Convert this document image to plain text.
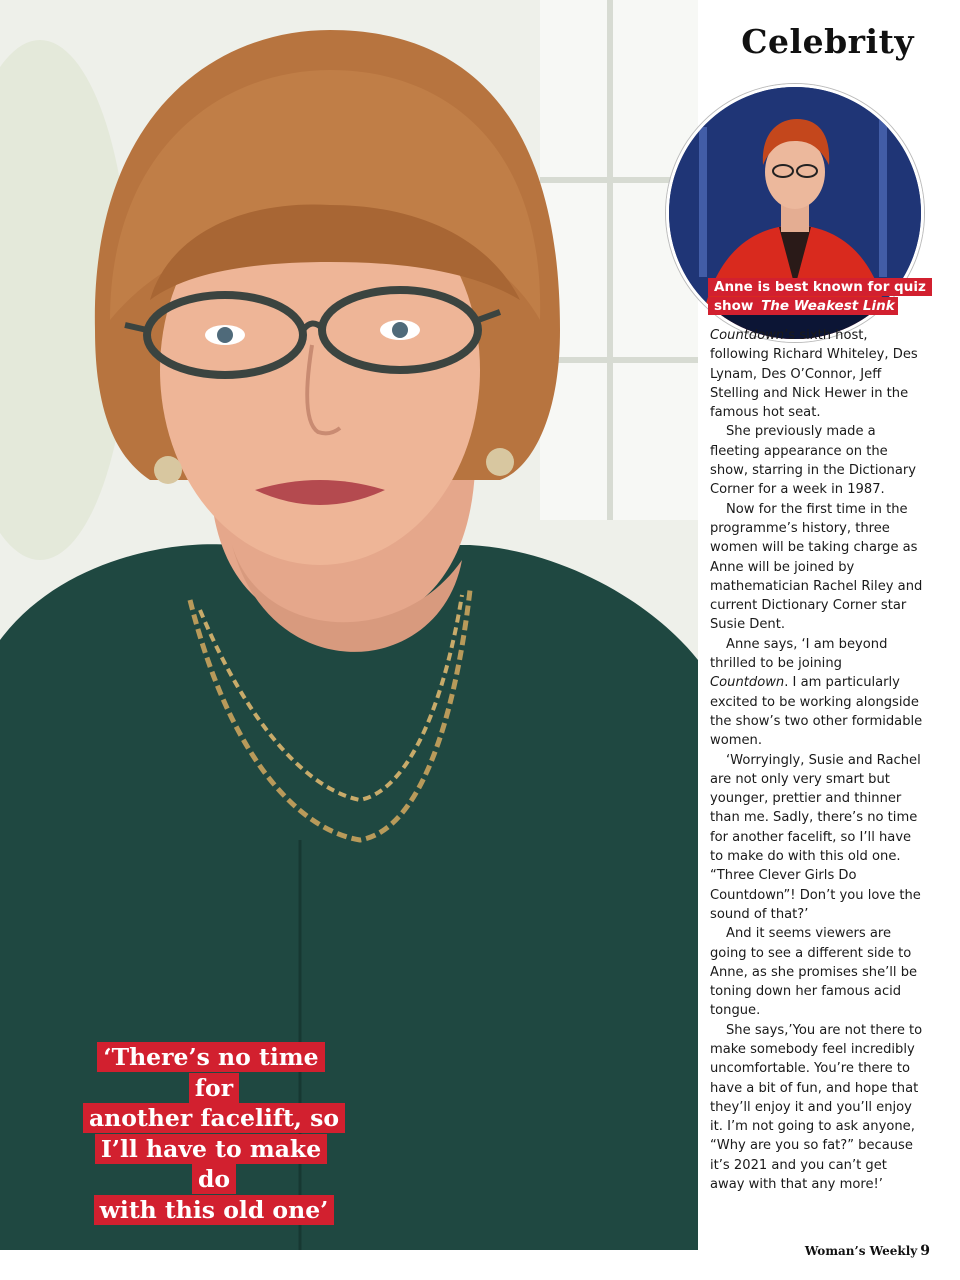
‘There’s no time for
another facelift, so
I’ll have to make do
with this old one’
Celebrity
Anne is best known for quiz show The Weakest Link

Countdown’s sixth host, following Richard Whiteley, Des Lynam, Des O’Connor, Jeff Stelling and Nick Hewer in the famous hot seat.

She previously made a fleeting appearance on the show, starring in the Dictionary Corner for a week in 1987.

Now for the first time in the programme’s history, three women will be taking charge as Anne will be joined by mathematician Rachel Riley and current Dictionary Corner star Susie Dent.

Anne says, ‘I am beyond thrilled to be joining Countdown. I am particularly excited to be working alongside the show’s two other formidable women.

‘Worryingly, Susie and Rachel are not only very smart but younger, prettier and thinner than me. Sadly, there’s no time for another facelift, so I’ll have to make do with this old one. “Three Clever Girls Do Countdown”! Don’t you love the sound of that?’

And it seems viewers are going to see a different side to Anne, as she promises she’ll be toning down her famous acid tongue.

She says,’You are not there to make somebody feel incredibly uncomfortable. You’re there to have a bit of fun, and hope that they’ll enjoy it and you’ll enjoy it. I’m not going to ask anyone, “Why are you so fat?” because it’s 2021 and you can’t get away with that any more!’

Woman’s Weekly 9
